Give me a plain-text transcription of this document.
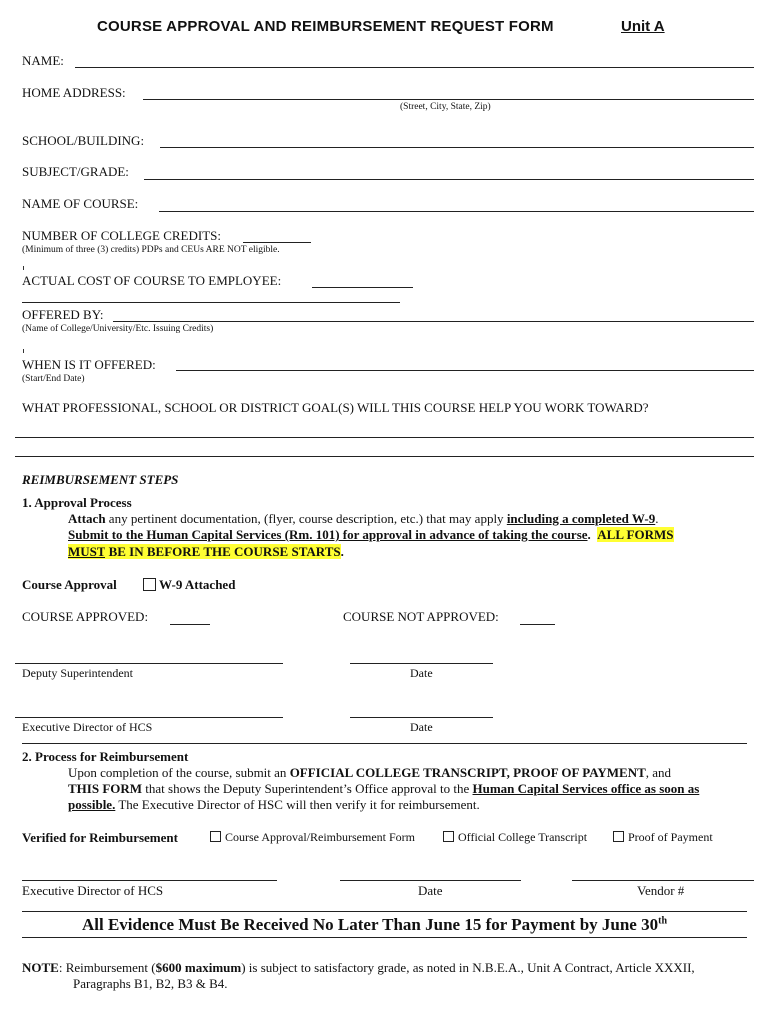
COURSE APPROVAL AND REIMBURSEMENT REQUEST FORM	Unit A
NAME:
HOME ADDRESS:
(Street, City, State, Zip)
SCHOOL/BUILDING:
SUBJECT/GRADE:
NAME OF COURSE:
NUMBER OF COLLEGE CREDITS:
(Minimum of three (3) credits) PDPs and CEUs ARE NOT eligible.
ACTUAL COST OF COURSE TO EMPLOYEE:
OFFERED BY:
(Name of College/University/Etc. Issuing Credits)
WHEN IS IT OFFERED:
(Start/End Date)
WHAT PROFESSIONAL, SCHOOL OR DISTRICT GOAL(S) WILL THIS COURSE HELP YOU WORK TOWARD?
REIMBURSEMENT STEPS
1. Approval Process
Attach any pertinent documentation, (flyer, course description, etc.) that may apply including a completed W-9.
Submit to the Human Capital Services (Rm. 101) for approval in advance of taking the course. ALL FORMS
MUST BE IN BEFORE THE COURSE STARTS.
Course Approval	W-9 Attached
COURSE APPROVED:	COURSE NOT APPROVED:
Deputy Superintendent	Date
Executive Director of HCS	Date
2. Process for Reimbursement
Upon completion of the course, submit an OFFICIAL COLLEGE TRANSCRIPT, PROOF OF PAYMENT, and
THIS FORM that shows the Deputy Superintendent’s Office approval to the Human Capital Services office as soon as
possible. The Executive Director of HSC will then verify it for reimbursement.
Verified for Reimbursement	Course Approval/Reimbursement Form	Official College Transcript	Proof of Payment
Executive Director of HCS	Date	Vendor #
All Evidence Must Be Received No Later Than June 15 for Payment by June 30th
NOTE: Reimbursement ($600 maximum) is subject to satisfactory grade, as noted in N.B.E.A., Unit A Contract, Article XXXII,
Paragraphs B1, B2, B3 & B4.
